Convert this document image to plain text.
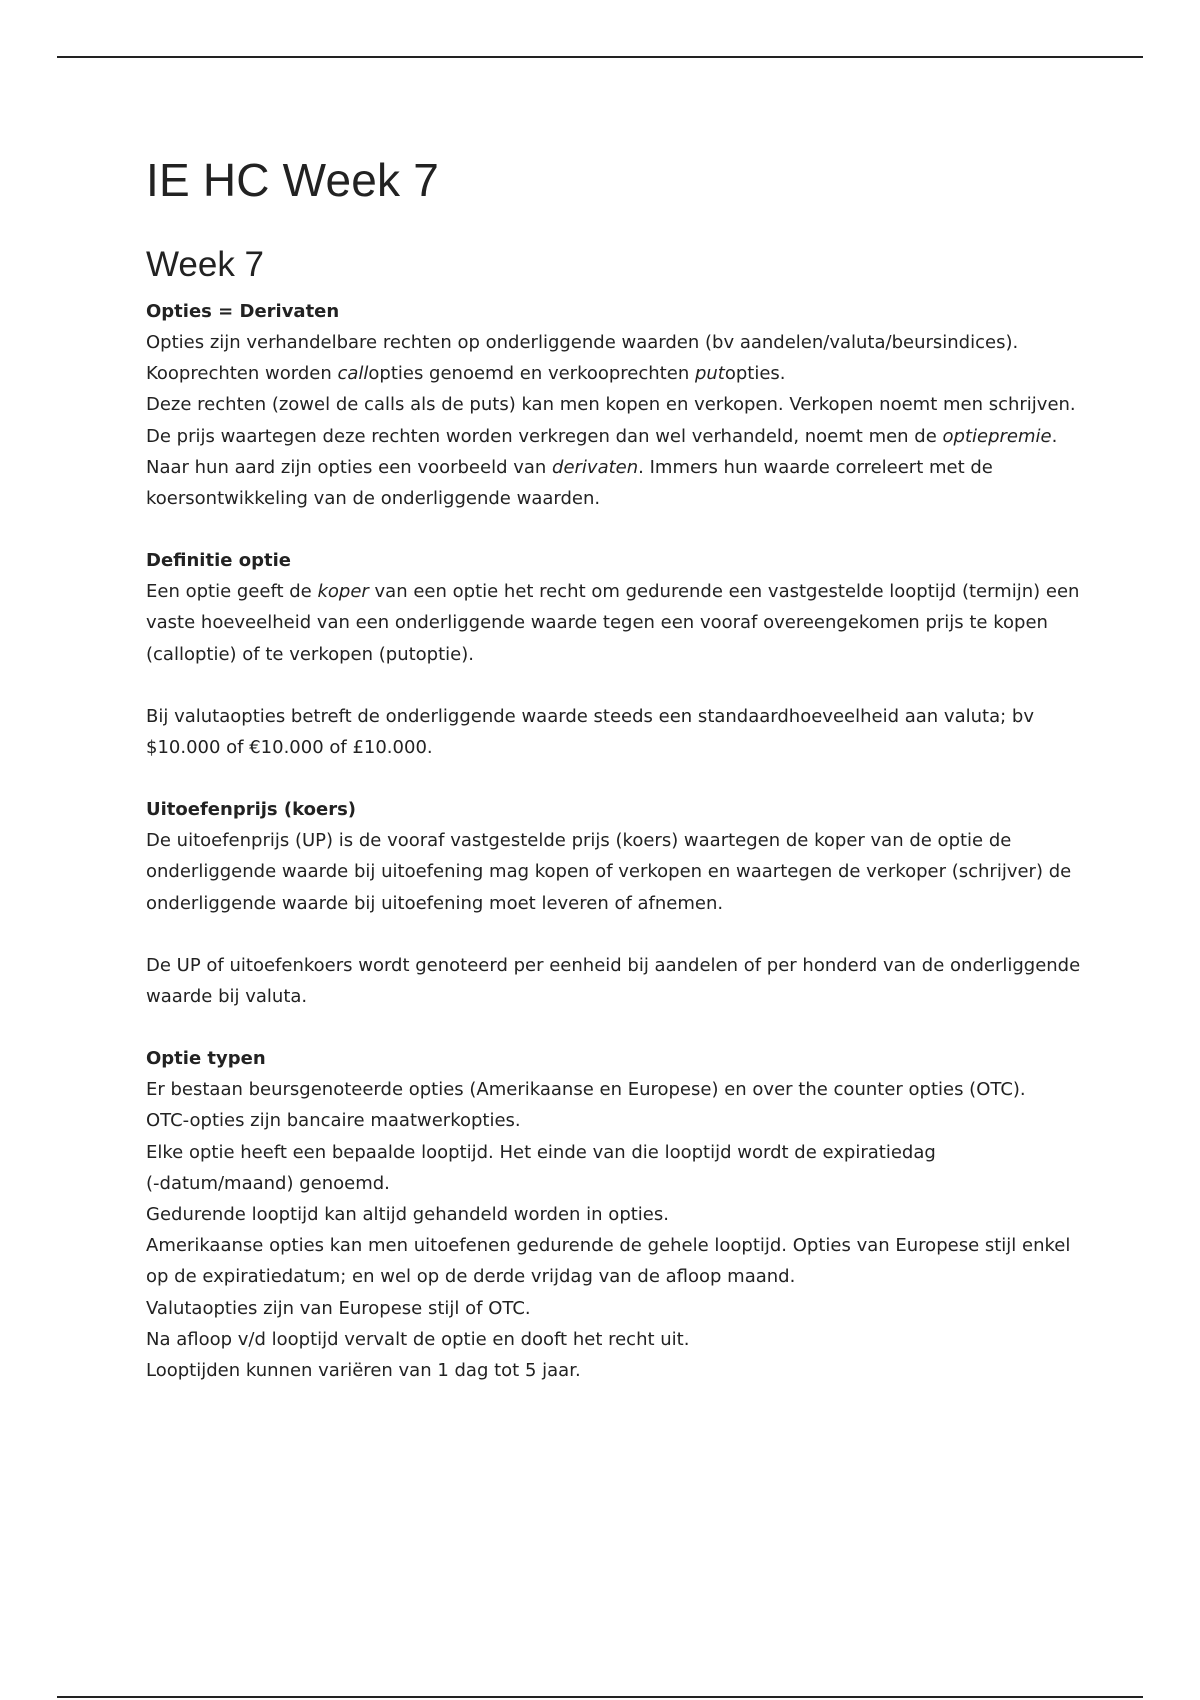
IE HC Week 7
Week 7

Opties = Derivaten

Opties zijn verhandelbare rechten op onderliggende waarden (bv aandelen/valuta/beursindices).
Kooprechten worden callopties genoemd en verkooprechten putopties.
Deze rechten (zowel de calls als de puts) kan men kopen en verkopen. Verkopen noemt men schrijven.
De prijs waartegen deze rechten worden verkregen dan wel verhandeld, noemt men de optiepremie.
Naar hun aard zijn opties een voorbeeld van derivaten. Immers hun waarde correleert met de
koersontwikkeling van de onderliggende waarden.

Definitie optie

Een optie geeft de koper van een optie het recht om gedurende een vastgestelde looptijd (termijn) een
vaste hoeveelheid van een onderliggende waarde tegen een vooraf overeengekomen prijs te kopen
(calloptie) of te verkopen (putoptie).

Bij valutaopties betreft de onderliggende waarde steeds een standaardhoeveelheid aan valuta; bv
$10.000 of €10.000 of £10.000.

Uitoefenprijs (koers)

De uitoefenprijs (UP) is de vooraf vastgestelde prijs (koers) waartegen de koper van de optie de
onderliggende waarde bij uitoefening mag kopen of verkopen en waartegen de verkoper (schrijver) de
onderliggende waarde bij uitoefening moet leveren of afnemen.

De UP of uitoefenkoers wordt genoteerd per eenheid bij aandelen of per honderd van de onderliggende
waarde bij valuta.

Optie typen

Er bestaan beursgenoteerde opties (Amerikaanse en Europese) en over the counter opties (OTC).
OTC-opties zijn bancaire maatwerkopties.
Elke optie heeft een bepaalde looptijd. Het einde van die looptijd wordt de expiratiedag
(-datum/maand) genoemd.
Gedurende looptijd kan altijd gehandeld worden in opties.
Amerikaanse opties kan men uitoefenen gedurende de gehele looptijd. Opties van Europese stijl enkel
op de expiratiedatum; en wel op de derde vrijdag van de afloop maand.
Valutaopties zijn van Europese stijl of OTC.
Na afloop v/d looptijd vervalt de optie en dooft het recht uit.
Looptijden kunnen variëren van 1 dag tot 5 jaar.
